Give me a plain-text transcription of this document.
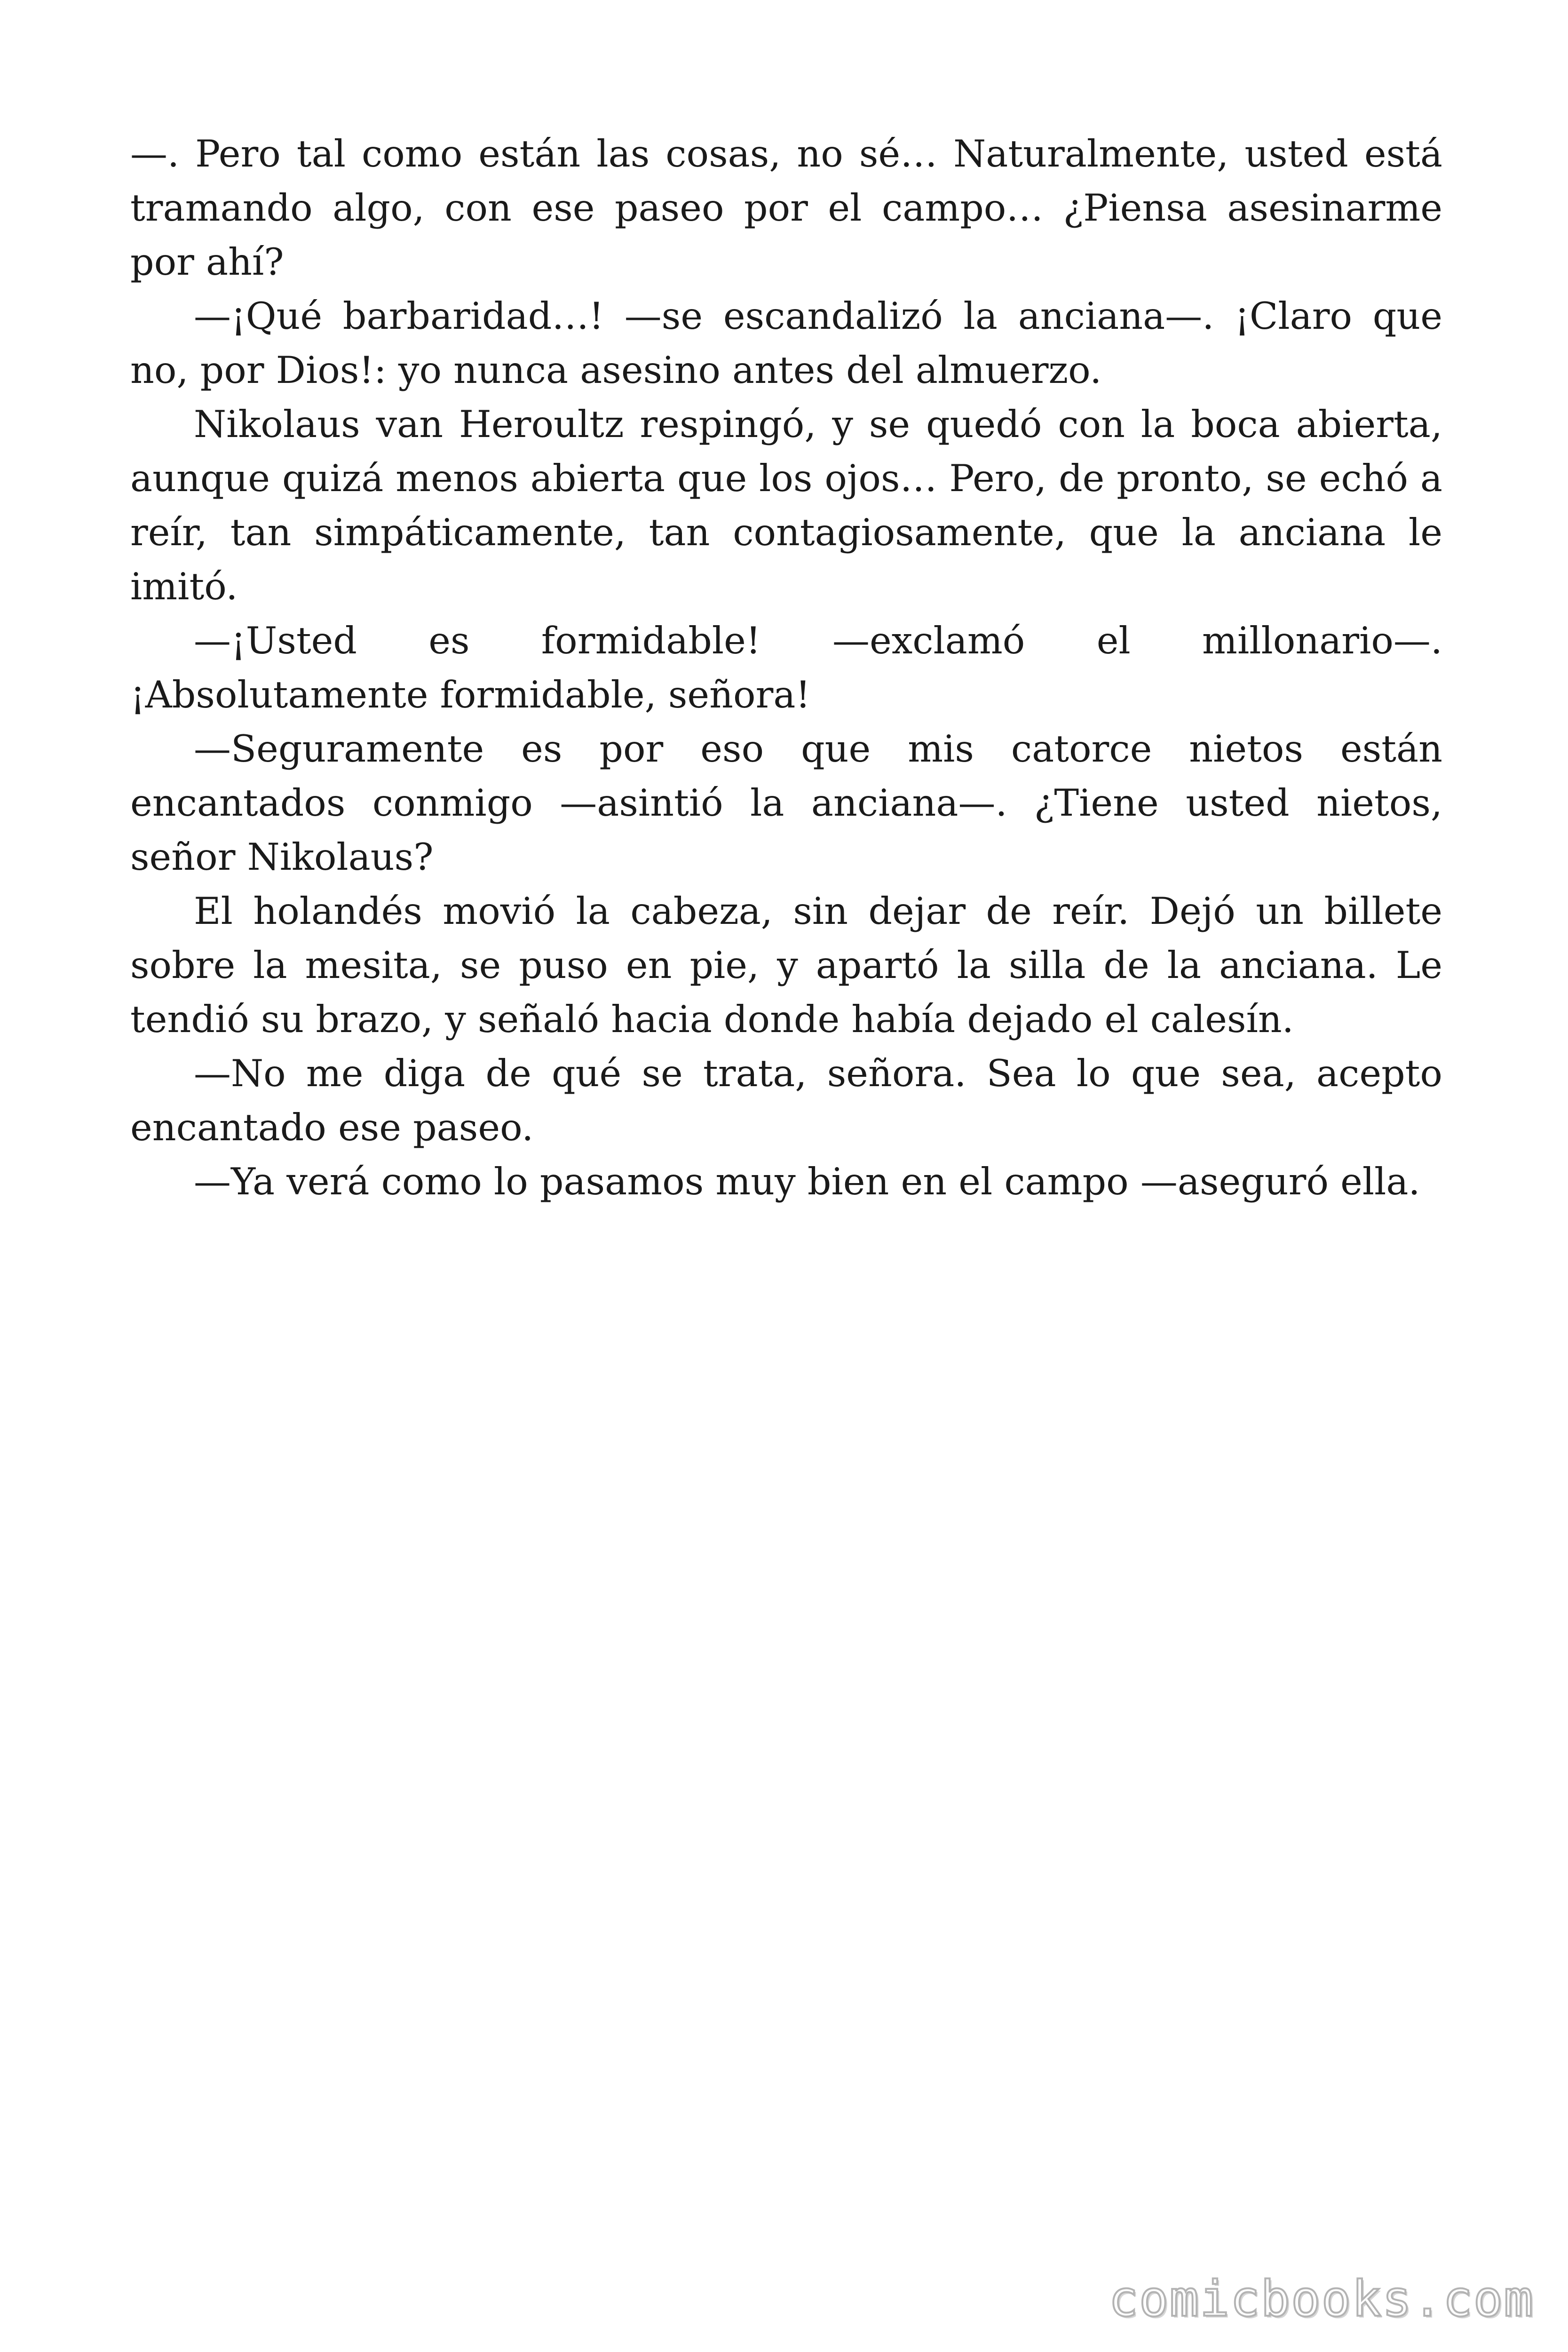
—. Pero tal como están las cosas, no sé… Naturalmente, usted está tramando algo, con ese paseo por el campo… ¿Piensa asesinarme por ahí?

—¡Qué barbaridad…! —se escandalizó la anciana—. ¡Claro que no, por Dios!: yo nunca asesino antes del almuerzo.

Nikolaus van Heroultz respingó, y se quedó con la boca abierta, aunque quizá menos abierta que los ojos… Pero, de pronto, se echó a reír, tan simpáticamente, tan contagiosamente, que la anciana le imitó.

—¡Usted es formidable! —exclamó el millonario—. ¡Absolutamente formidable, señora!

—Seguramente es por eso que mis catorce nietos están encantados conmigo —asintió la anciana—. ¿Tiene usted nietos, señor Nikolaus?

El holandés movió la cabeza, sin dejar de reír. Dejó un billete sobre la mesita, se puso en pie, y apartó la silla de la anciana. Le tendió su brazo, y señaló hacia donde había dejado el calesín.

—No me diga de qué se trata, señora. Sea lo que sea, acepto encantado ese paseo.

—Ya verá como lo pasamos muy bien en el campo —aseguró ella.

comicbooks.com
